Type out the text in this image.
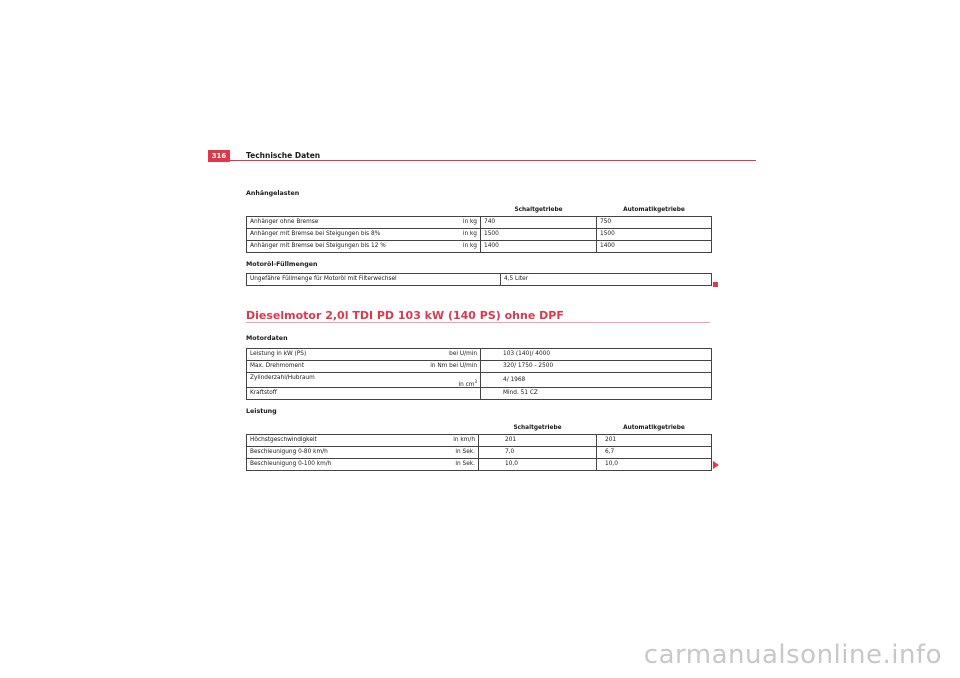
316	Technische Daten
Anhängelasten
	Schaltgetriebe	Automatikgetriebe
Anhänger ohne Bremse in kg	740	750
Anhänger mit Bremse bei Steigungen bis 8% in kg	1500	1500
Anhänger mit Bremse bei Steigungen bis 12 % in kg	1400	1400
Motoröl-Füllmengen
Ungefähre Füllmenge für Motoröl mit Filterwechsel	4,5 Liter
Dieselmotor 2,0l TDI PD 103 kW (140 PS) ohne DPF
Motordaten
Leistung in kW (PS) bei U/min	103 (140)/ 4000
Max. Drehmoment in Nm bei U/min	320/ 1750 - 2500
Zylinderzahl/Hubraum
in $cm^3$	4/ 1968
Kraftstoff	Mind. 51 CZ
Leistung
	Schaltgetriebe	Automatikgetriebe
Höchstgeschwindigkeit in km/h	201	201
Beschleunigung 0-80 km/h in Sek.	7,0	6,7
Beschleunigung 0-100 km/h in Sek.	10,0	10,0
carmanualsonline.info
